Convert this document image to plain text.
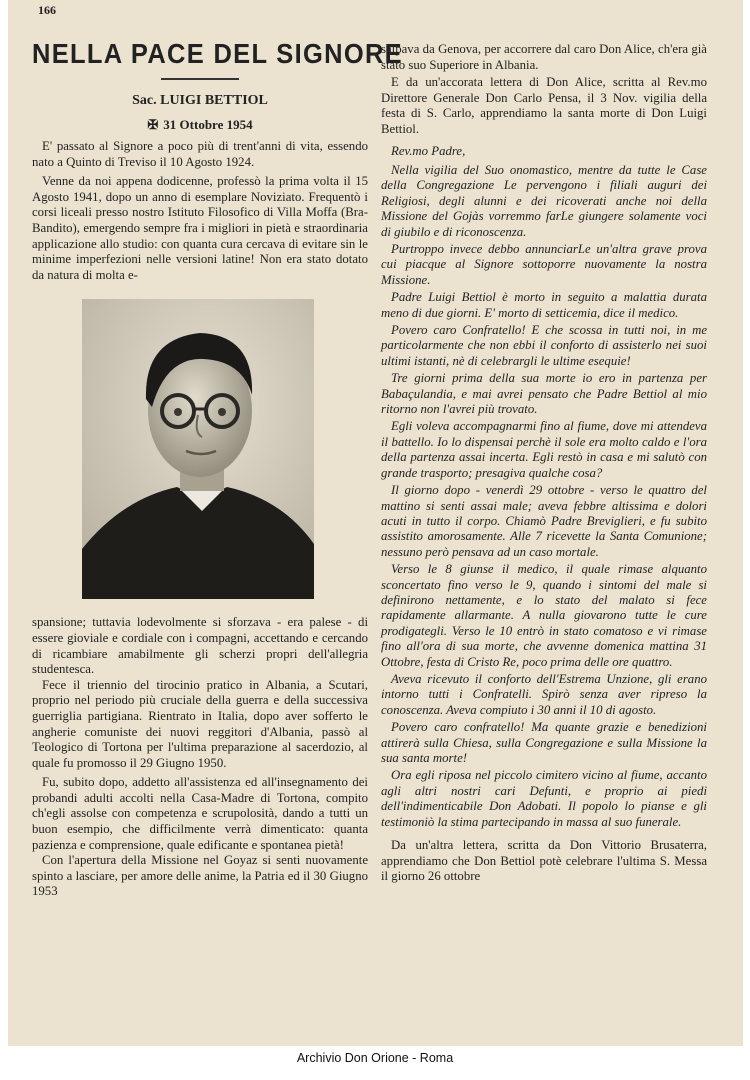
166
NELLA PACE DEL SIGNORE
Sac. LUIGI BETTIOL
✠ 31 Ottobre 1954

E' passato al Signore a poco più di trent'anni di vita, essendo nato a Quinto di Treviso il 10 Agosto 1924.

Venne da noi appena dodicenne, professò la prima volta il 15 Agosto 1941, dopo un anno di esemplare Noviziato. Frequentò i corsi liceali presso nostro Istituto Filosofico di Villa Moffa (Bra-Bandito), emergendo sempre fra i migliori in pietà e straordinaria applicazione allo studio: con quanta cura cercava di evitare sin le minime imperfezioni nelle versioni latine! Non era stato dotato da natura di molta e-

spansione; tuttavia lodevolmente si sforzava - era palese - di essere gioviale e cordiale con i compagni, accettando e cercando di ricambiare amabilmente gli scherzi propri dell'allegria studentesca.

Fece il triennio del tirocinio pratico in Albania, a Scutari, proprio nel periodo più cruciale della guerra e della successiva guerriglia partigiana. Rientrato in Italia, dopo aver sofferto le angherie comuniste dei nuovi reggitori d'Albania, passò al Teologico di Tortona per l'ultima preparazione al sacerdozio, al quale fu promosso il 29 Giugno 1950.

Fu, subito dopo, addetto all'assistenza ed all'insegnamento dei probandi adulti accolti nella Casa-Madre di Tortona, compito ch'egli assolse con competenza e scrupolosità, dando a tutti un buon esempio, che difficilmente verrà dimenticato: quanta pazienza e comprensione, quale edificante e spontanea pietà!

Con l'apertura della Missione nel Goyaz si senti nuovamente spinto a lasciare, per amore delle anime, la Patria ed il 30 Giugno 1953

salpava da Genova, per accorrere dal caro Don Alice, ch'era già stato suo Superiore in Albania.

E da un'accorata lettera di Don Alice, scritta al Rev.mo Direttore Generale Don Carlo Pensa, il 3 Nov. vigilia della festa di S. Carlo, apprendiamo la santa morte di Don Luigi Bettiol.

Rev.mo Padre,

Nella vigilia del Suo onomastico, mentre da tutte le Case della Congregazione Le pervengono i filiali auguri dei Religiosi, degli alunni e dei ricoverati anche noi della Missione del Gojàs vorremmo farLe giungere solamente voci di giubilo e di riconoscenza.

Purtroppo invece debbo annunciarLe un'altra grave prova cui piacque al Signore sottoporre nuovamente la nostra Missione.

Padre Luigi Bettiol è morto in seguito a malattia durata meno di due giorni. E' morto di setticemia, dice il medico.

Povero caro Confratello! E che scossa in tutti noi, in me particolarmente che non ebbi il conforto di assisterlo nei suoi ultimi istanti, nè di celebrargli le ultime esequie!

Tre giorni prima della sua morte io ero in partenza per Babaçulandia, e mai avrei pensato che Padre Bettiol al mio ritorno non l'avrei più trovato.

Egli voleva accompagnarmi fino al fiume, dove mi attendeva il battello. Io lo dispensai perchè il sole era molto caldo e l'ora della partenza assai incerta. Egli restò in casa e mi salutò con grande trasporto; presagiva qualche cosa?

Il giorno dopo - venerdì 29 ottobre - verso le quattro del mattino si senti assai male; aveva febbre altissima e dolori acuti in tutto il corpo. Chiamò Padre Breviglieri, e fu subito assistito amorosamente. Alle 7 ricevette la Santa Comunione; nessuno però pensava ad un caso mortale.

Verso le 8 giunse il medico, il quale rimase alquanto sconcertato fino verso le 9, quando i sintomi del male si definirono nettamente, e lo stato del malato si fece rapidamente allarmante. A nulla giovarono tutte le cure prodigategli. Verso le 10 entrò in stato comatoso e vi rimase fino all'ora di sua morte, che avvenne domenica mattina 31 Ottobre, festa di Cristo Re, poco prima delle ore quattro.

Aveva ricevuto il conforto dell'Estrema Unzione, gli erano intorno tutti i Confratelli. Spirò senza aver ripreso la conoscenza. Aveva compiuto i 30 anni il 10 di agosto.

Povero caro confratello! Ma quante grazie e benedizioni attirerà sulla Chiesa, sulla Congregazione e sulla Missione la sua santa morte!

Ora egli riposa nel piccolo cimitero vicino al fiume, accanto agli altri nostri cari Defunti, e proprio ai piedi dell'indimenticabile Don Adobati. Il popolo lo pianse e gli testimoniò la stima partecipando in massa al suo funerale.

Da un'altra lettera, scritta da Don Vittorio Brusaterra, apprendiamo che Don Bettiol potè celebrare l'ultima S. Messa il giorno 26 ottobre

Archivio Don Orione - Roma
